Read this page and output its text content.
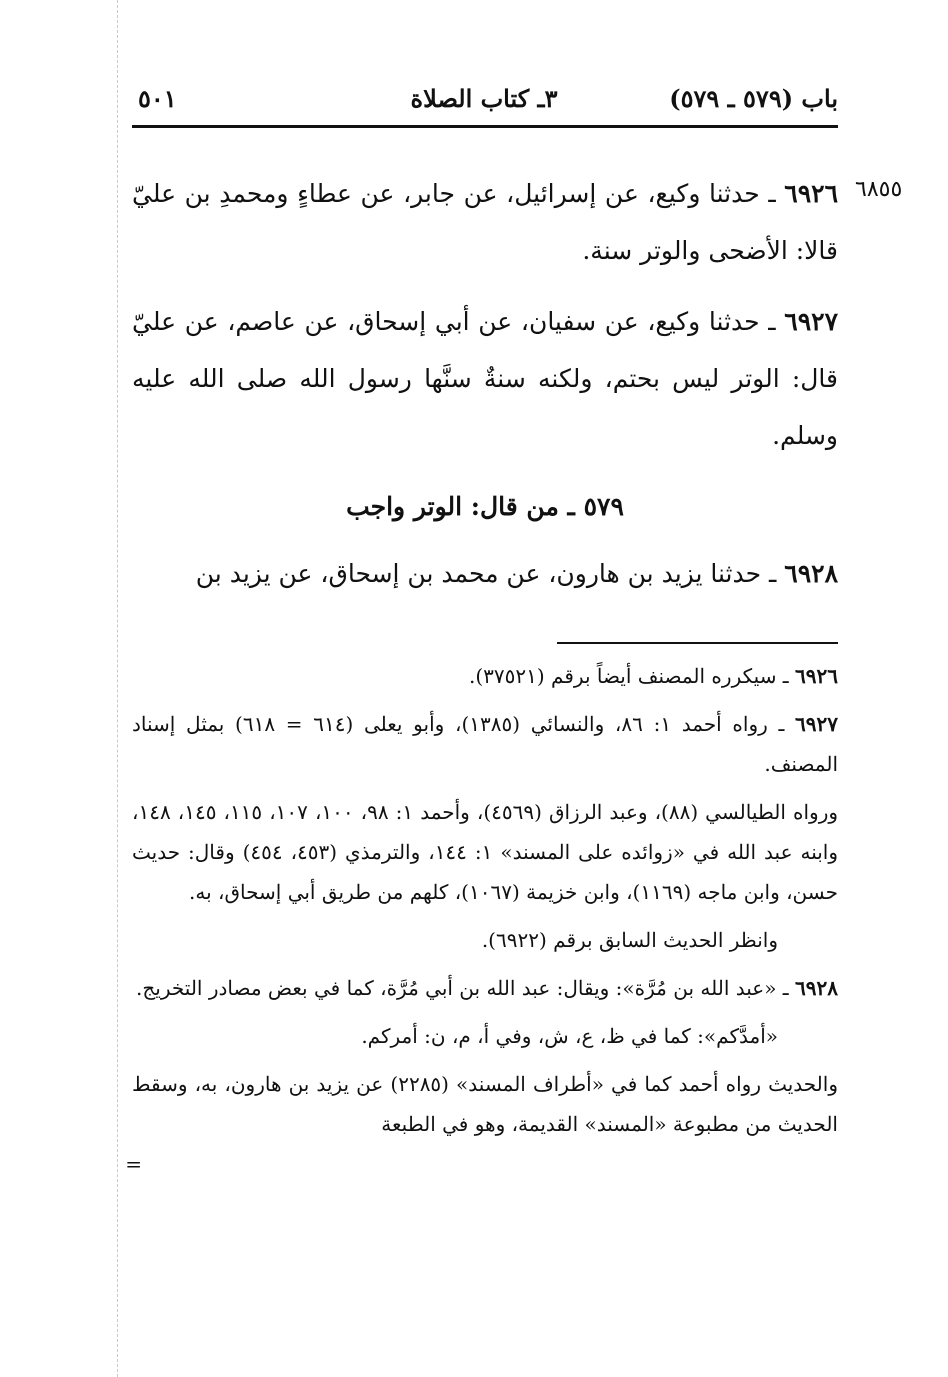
باب (٥٧٩ ـ ٥٧٩)
٣ـ كتاب الصلاة
٥٠١
٦٨٥٥

٦٩٢٦ ـ حدثنا وكيع، عن إسرائيل، عن جابر، عن عطاءٍ ومحمدِ بن عليّ قالا: الأضحى والوتر سنة.

٦٩٢٧ ـ حدثنا وكيع، عن سفيان، عن أبي إسحاق، عن عاصم، عن عليّ قال: الوتر ليس بحتم، ولكنه سنةٌ سنَّها رسول الله صلى الله عليه وسلم.

٥٧٩ ـ من قال: الوتر واجب

٦٩٢٨ ـ حدثنا يزيد بن هارون، عن محمد بن إسحاق، عن يزيد بن

٦٩٢٦ ـ سيكرره المصنف أيضاً برقم (٣٧٥٢١).

٦٩٢٧ ـ رواه أحمد ١: ٨٦، والنسائي (١٣٨٥)، وأبو يعلى (٦١٤ = ٦١٨) بمثل إسناد المصنف.

ورواه الطيالسي (٨٨)، وعبد الرزاق (٤٥٦٩)، وأحمد ١: ٩٨، ١٠٠، ١٠٧، ١١٥، ١٤٥، ١٤٨، وابنه عبد الله في «زوائده على المسند» ١: ١٤٤، والترمذي (٤٥٣، ٤٥٤) وقال: حديث حسن، وابن ماجه (١١٦٩)، وابن خزيمة (١٠٦٧)، كلهم من طريق أبي إسحاق، به.

وانظر الحديث السابق برقم (٦٩٢٢).

٦٩٢٨ ـ «عبد الله بن مُرَّة»: ويقال: عبد الله بن أبي مُرَّة، كما في بعض مصادر التخريج.

«أمدَّكم»: كما في ظ، ع، ش، وفي أ، م، ن: أمركم.

والحديث رواه أحمد كما في «أطراف المسند» (٢٢٨٥) عن يزيد بن هارون، به، وسقط الحديث من مطبوعة «المسند» القديمة، وهو في الطبعة

=
